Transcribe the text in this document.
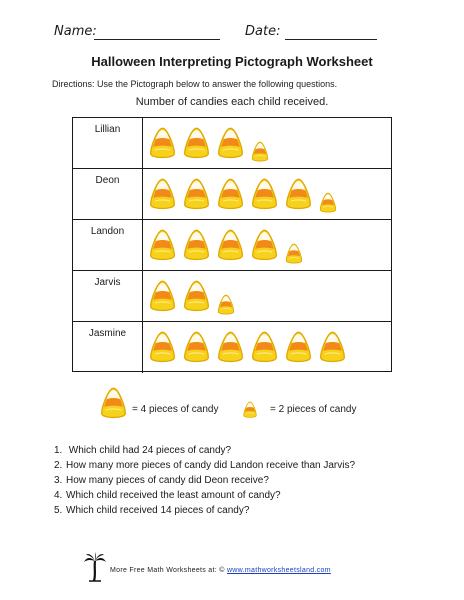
Name:	Date:
Halloween Interpreting Pictograph Worksheet
Directions: Use the Pictograph below to answer the following questions.
Number of candies each child received.
Lillian
Deon
Landon
Jarvis
Jasmine
= 4 pieces of candy	= 2 pieces of candy
1. Which child had 24 pieces of candy?
2. How many more pieces of candy did Landon receive than Jarvis?
3. How many pieces of candy did Deon receive?
4. Which child received the least amount of candy?
5. Which child received 14 pieces of candy?
More Free Math Worksheets at: © www.mathworksheetsland.com
